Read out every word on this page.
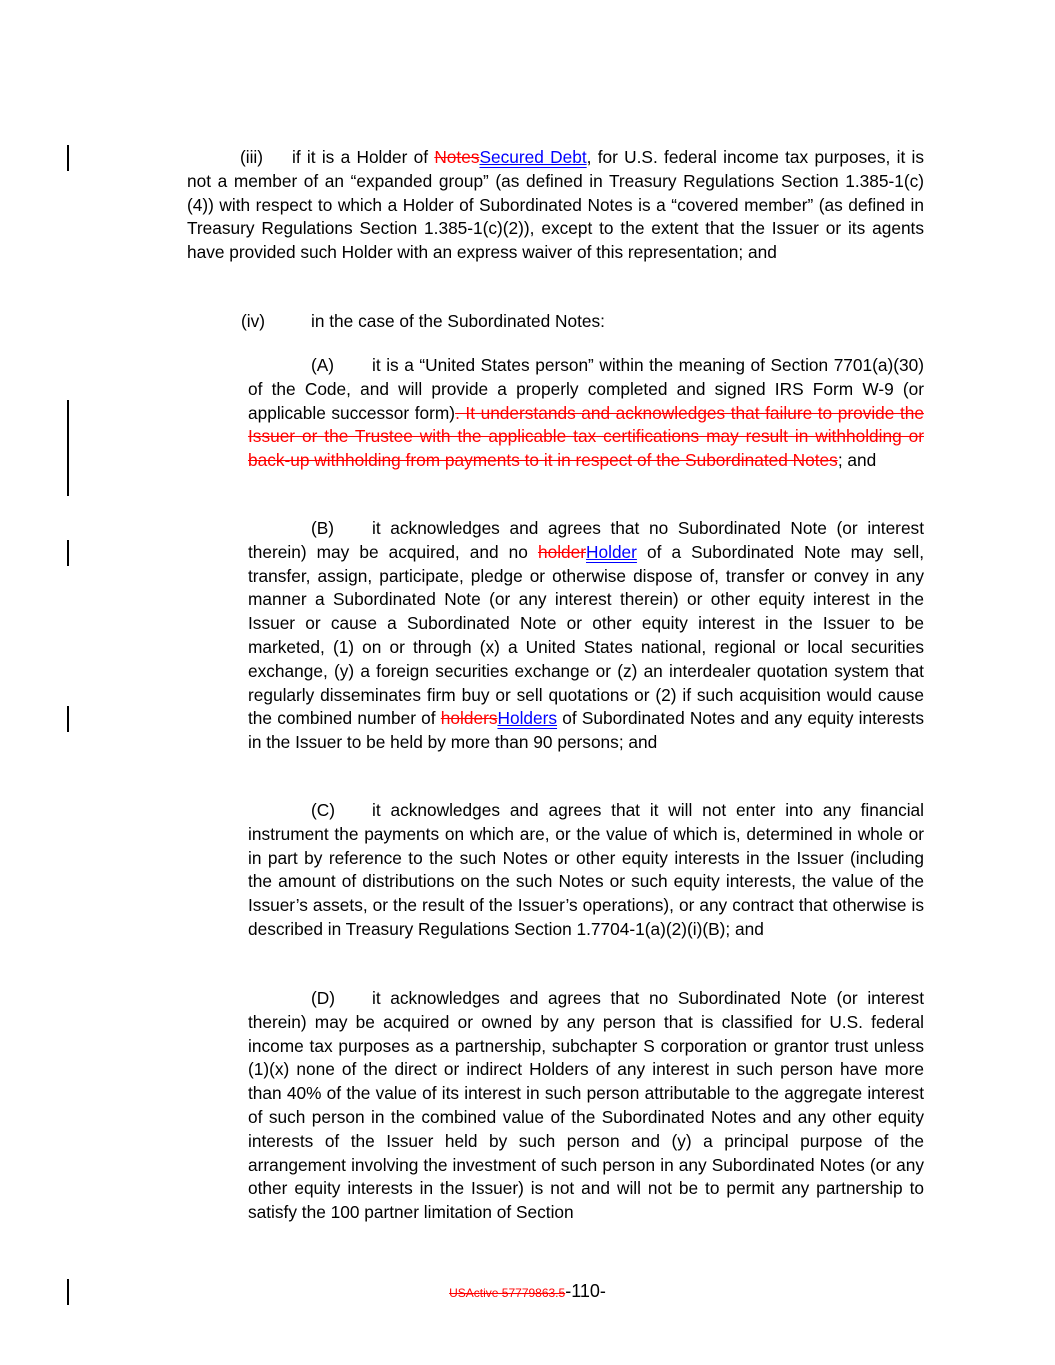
(iii) if it is a Holder of NotesSecured Debt, for U.S. federal income tax purposes, it is not a member of an “expanded group” (as defined in Treasury Regulations Section 1.385-1(c)(4)) with respect to which a Holder of Subordinated Notes is a “covered member” (as defined in Treasury Regulations Section 1.385-1(c)(2)), except to the extent that the Issuer or its agents have provided such Holder with an express waiver of this representation; and
(iv)	in the case of the Subordinated Notes:
(A) it is a “United States person” within the meaning of Section 7701(a)(30) of the Code, and will provide a properly completed and signed IRS Form W-9 (or applicable successor form). It understands and acknowledges that failure to provide the Issuer or the Trustee with the applicable tax certifications may result in withholding or back-up withholding from payments to it in respect of the Subordinated Notes; and
(B) it acknowledges and agrees that no Subordinated Note (or interest therein) may be acquired, and no holderHolder of a Subordinated Note may sell, transfer, assign, participate, pledge or otherwise dispose of, transfer or convey in any manner a Subordinated Note (or any interest therein) or other equity interest in the Issuer or cause a Subordinated Note or other equity interest in the Issuer to be marketed, (1) on or through (x) a United States national, regional or local securities exchange, (y) a foreign securities exchange or (z) an interdealer quotation system that regularly disseminates firm buy or sell quotations or (2) if such acquisition would cause the combined number of holdersHolders of Subordinated Notes and any equity interests in the Issuer to be held by more than 90 persons; and
(C) it acknowledges and agrees that it will not enter into any financial instrument the payments on which are, or the value of which is, determined in whole or in part by reference to the such Notes or other equity interests in the Issuer (including the amount of distributions on the such Notes or such equity interests, the value of the Issuer’s assets, or the result of the Issuer’s operations), or any contract that otherwise is described in Treasury Regulations Section 1.7704-1(a)(2)(i)(B); and
(D) it acknowledges and agrees that no Subordinated Note (or interest therein) may be acquired or owned by any person that is classified for U.S. federal income tax purposes as a partnership, subchapter S corporation or grantor trust unless (1)(x) none of the direct or indirect Holders of any interest in such person have more than 40% of the value of its interest in such person attributable to the aggregate interest of such person in the combined value of the Subordinated Notes and any other equity interests of the Issuer held by such person and (y) a principal purpose of the arrangement involving the investment of such person in any Subordinated Notes (or any other equity interests in the Issuer) is not and will not be to permit any partnership to satisfy the 100 partner limitation of Section
USActive 57779863.5-110-
